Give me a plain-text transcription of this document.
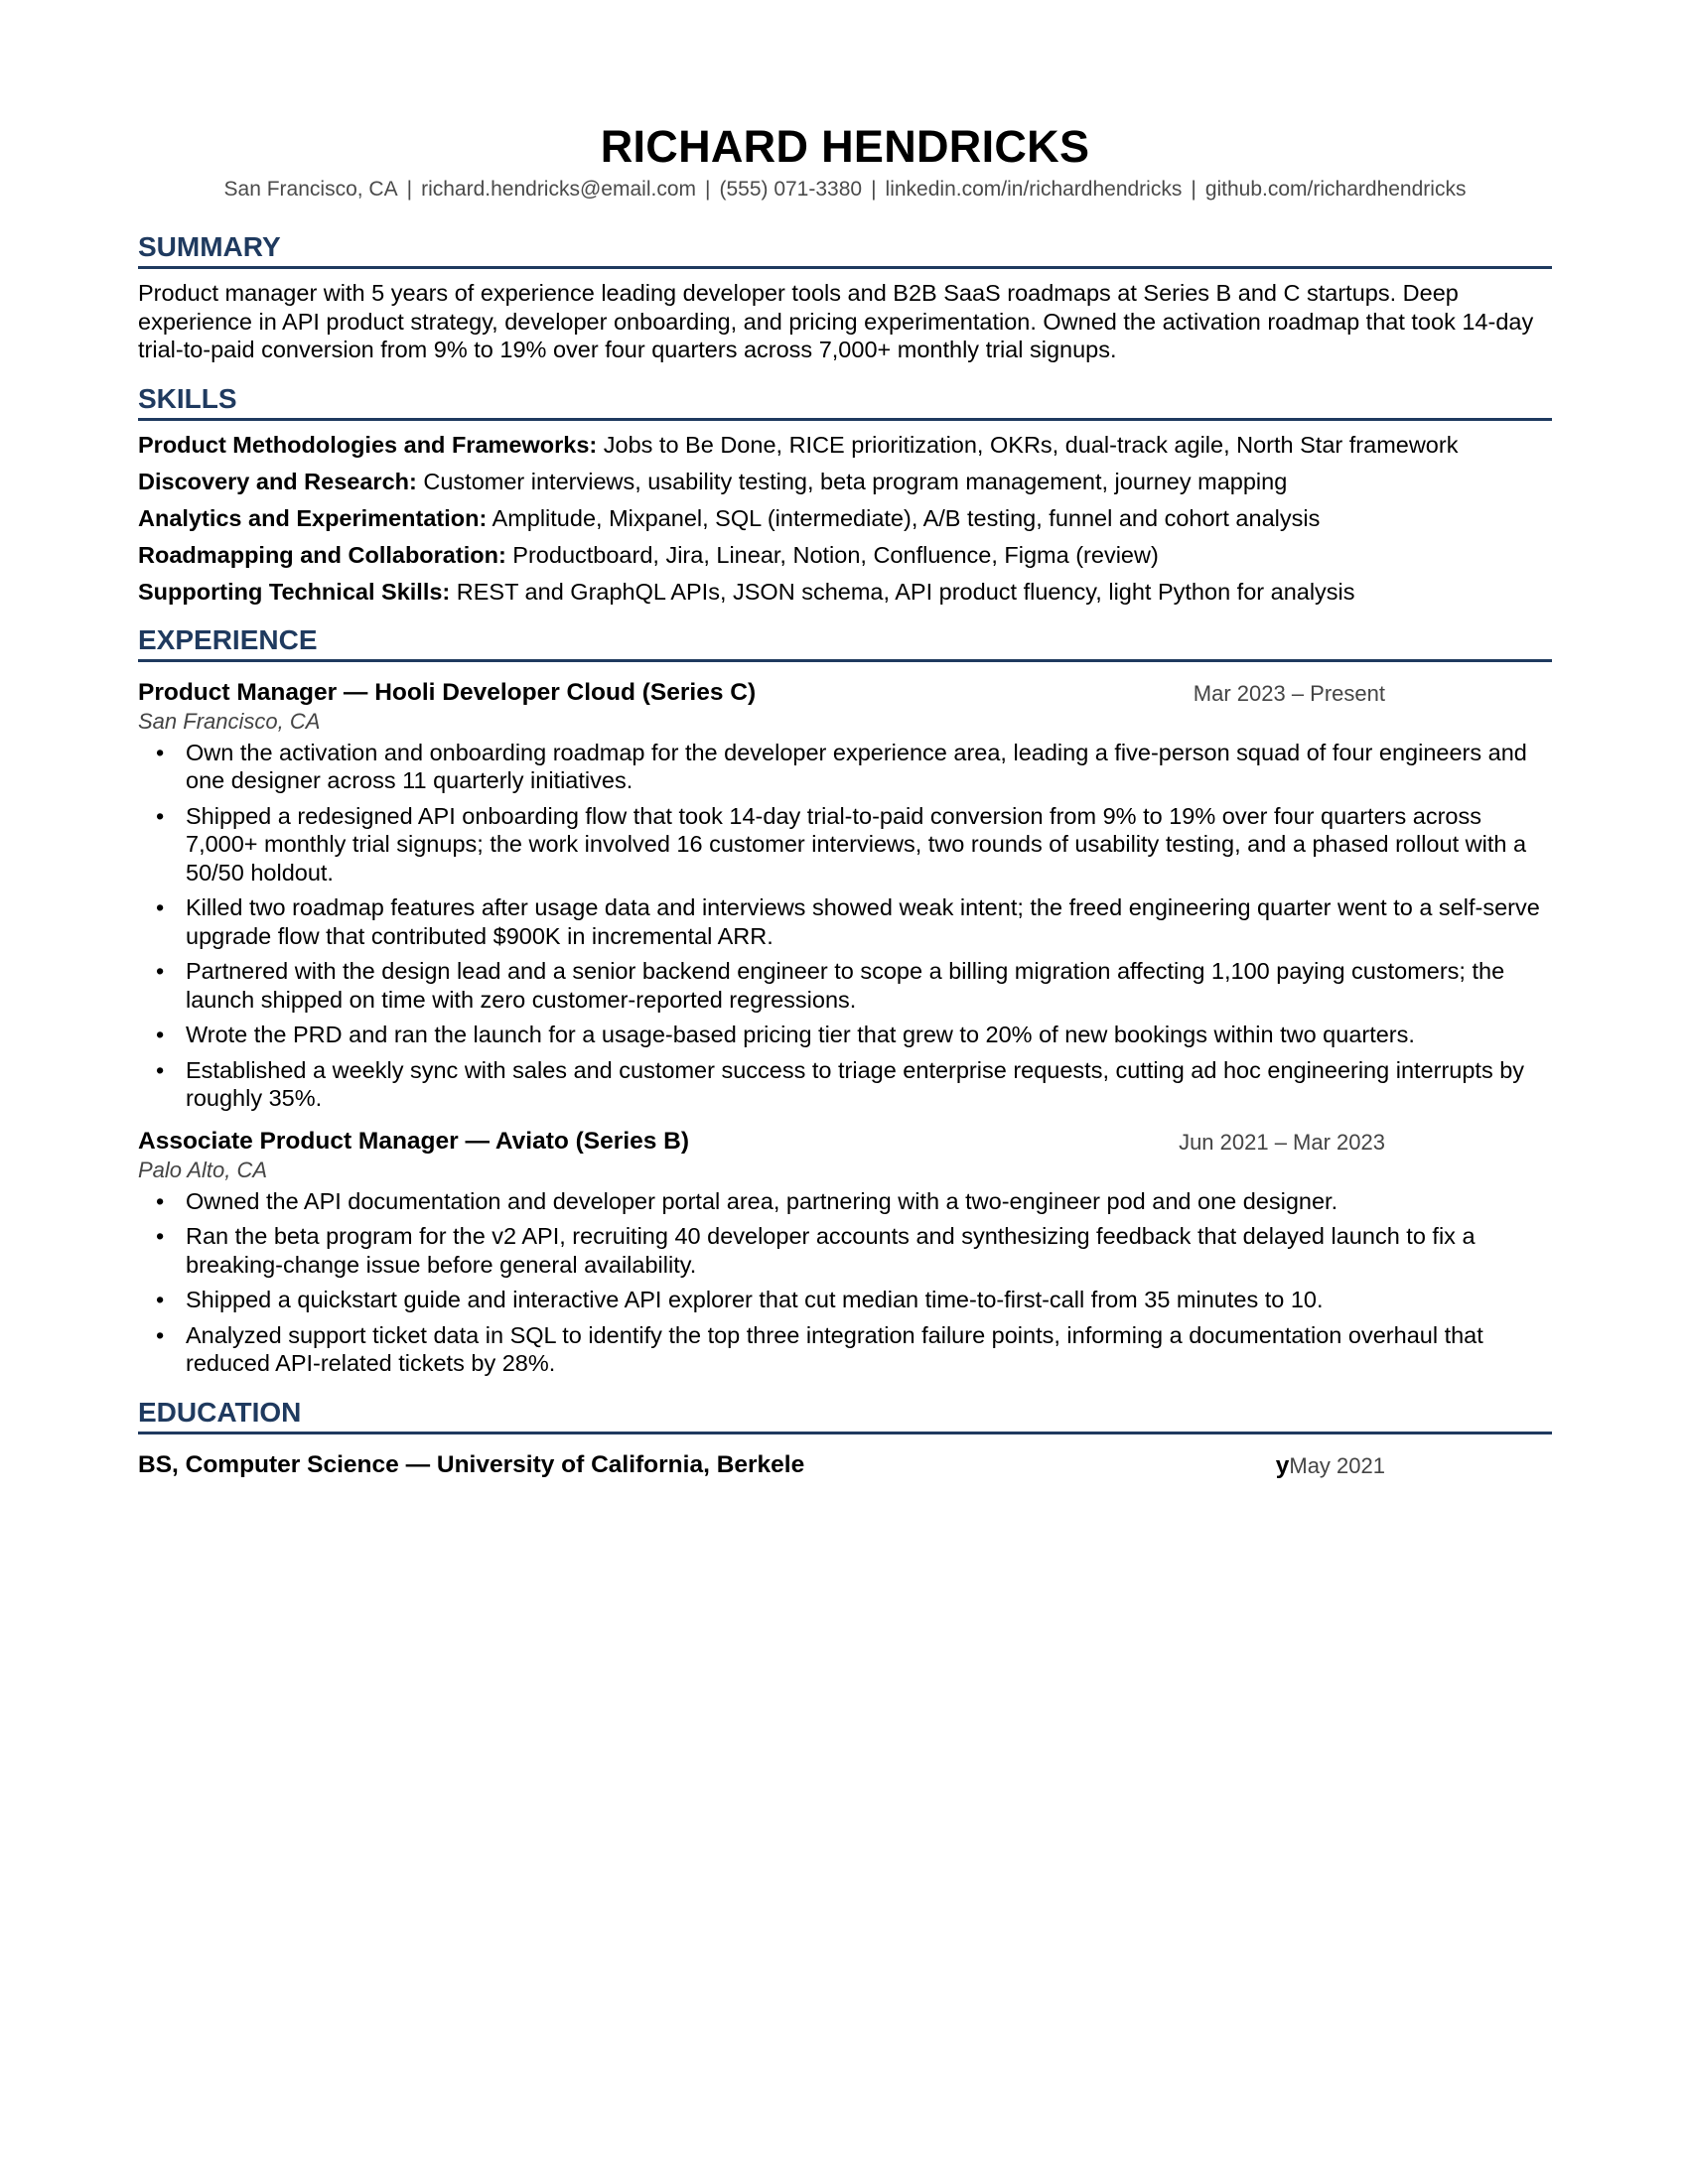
RICHARD HENDRICKS
San Francisco, CA | richard.hendricks@email.com | (555) 071-3380 | linkedin.com/in/richardhendricks | github.com/richardhendricks
SUMMARY

Product manager with 5 years of experience leading developer tools and B2B SaaS roadmaps at Series B and C startups. Deep experience in API product strategy, developer onboarding, and pricing experimentation. Owned the activation roadmap that took 14-day trial-to-paid conversion from 9% to 19% over four quarters across 7,000+ monthly trial signups.

SKILLS
Product Methodologies and Frameworks: Jobs to Be Done, RICE prioritization, OKRs, dual-track agile, North Star framework
Discovery and Research: Customer interviews, usability testing, beta program management, journey mapping
Analytics and Experimentation: Amplitude, Mixpanel, SQL (intermediate), A/B testing, funnel and cohort analysis
Roadmapping and Collaboration: Productboard, Jira, Linear, Notion, Confluence, Figma (review)
Supporting Technical Skills: REST and GraphQL APIs, JSON schema, API product fluency, light Python for analysis
EXPERIENCE
Product Manager — Hooli Developer Cloud (Series C)	Mar 2023 – Present
San Francisco, CA
• Own the activation and onboarding roadmap for the developer experience area, leading a five-person squad of four engineers and one designer across 11 quarterly initiatives.
• Shipped a redesigned API onboarding flow that took 14-day trial-to-paid conversion from 9% to 19% over four quarters across 7,000+ monthly trial signups; the work involved 16 customer interviews, two rounds of usability testing, and a phased rollout with a 50/50 holdout.
• Killed two roadmap features after usage data and interviews showed weak intent; the freed engineering quarter went to a self-serve upgrade flow that contributed $900K in incremental ARR.
• Partnered with the design lead and a senior backend engineer to scope a billing migration affecting 1,100 paying customers; the launch shipped on time with zero customer-reported regressions.
• Wrote the PRD and ran the launch for a usage-based pricing tier that grew to 20% of new bookings within two quarters.
• Established a weekly sync with sales and customer success to triage enterprise requests, cutting ad hoc engineering interrupts by roughly 35%.
Associate Product Manager — Aviato (Series B)	Jun 2021 – Mar 2023
Palo Alto, CA
• Owned the API documentation and developer portal area, partnering with a two-engineer pod and one designer.
• Ran the beta program for the v2 API, recruiting 40 developer accounts and synthesizing feedback that delayed launch to fix a breaking-change issue before general availability.
• Shipped a quickstart guide and interactive API explorer that cut median time-to-first-call from 35 minutes to 10.
• Analyzed support ticket data in SQL to identify the top three integration failure points, informing a documentation overhaul that reduced API-related tickets by 28%.
EDUCATION
BS, Computer Science — University of California, Berkele	yMay 2021
